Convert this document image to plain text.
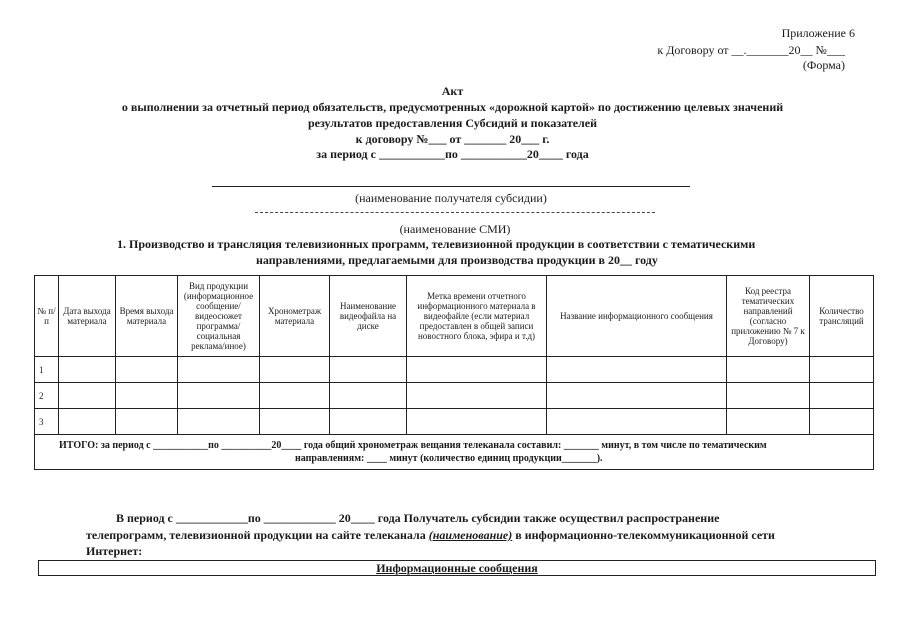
Приложение 6
к Договору от __._______20__ №___
(Форма)
Акт
о выполнении за отчетный период обязательств, предусмотренных «дорожной картой» по достижению целевых значений
результатов предоставления Субсидий и показателей
к договору №___ от _______ 20___ г.
за период с ___________по ___________20____ года
(наименование получателя субсидии)
(наименование СМИ)
1. Производство и трансляция телевизионных программ, телевизионной продукции в соответствии с тематическими
направлениями, предлагаемыми для производства продукции в 20__ году
№ п/п	Дата выхода материала	Время выхода материала	Вид продукции (информационное сообщение/ видеосюжет программа/ социальная реклама/иное)	Хронометраж материала	Наименование видеофайла на диске	Метка времени отчетного информационного материала в видеофайле (если материал предоставлен в общей записи новостного блока, эфира и т.д)	Название информационного сообщения	Код реестра тематических направлений (согласно приложению № 7 к Договору)	Количество трансляций
1									
2									
3									

ИТОГО: за период с ___________по __________20____ года общий хронометраж вещания телеканала составил: _______ минут, в том числе по тематическим
направлениям: ____ минут (количество единиц продукции_______).									
В период с ____________по ____________ 20____ года Получатель субсидии также осуществил распространение
телепрограмм, телевизионной продукции на сайте телеканала (наименование) в информационно-телекоммуникационной сети
Интернет:
Информационные сообщения
